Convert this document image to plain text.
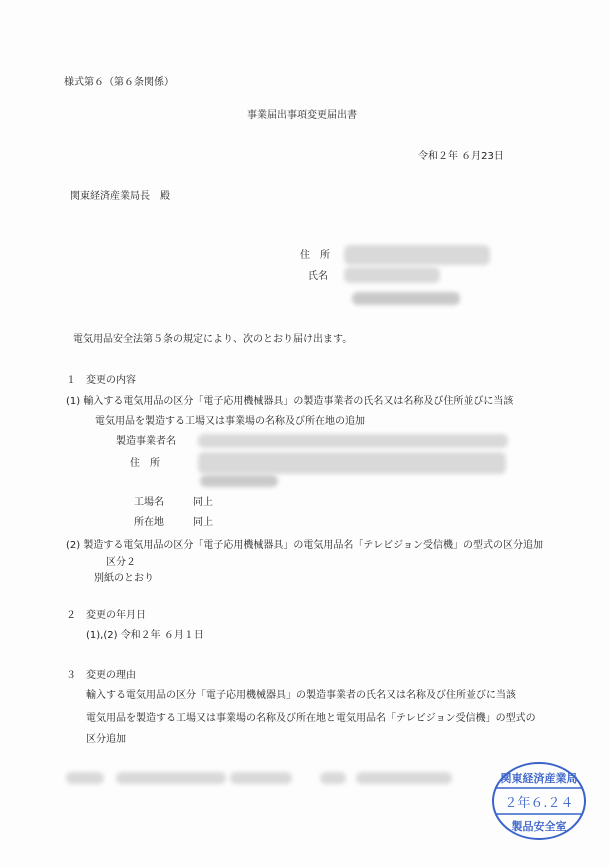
様式第６（第６条関係）
事業届出事項変更届出書
令和２年 ６月23日
関東経済産業局長　殿
住　所
氏名
電気用品安全法第５条の規定により、次のとおり届け出ます。
１　変更の内容
(1) 輸入する電気用品の区分「電子応用機械器具」の製造事業者の氏名又は名称及び住所並びに当該
電気用品を製造する工場又は事業場の名称及び所在地の追加
製造事業者名
住　所
工場名	同上
所在地	同上
(2) 製造する電気用品の区分「電子応用機械器具」の電気用品名「テレビジョン受信機」の型式の区分追加
区分２
別紙のとおり
２　変更の年月日
(1),(2) 令和２年 ６月１日
３　変更の理由
輸入する電気用品の区分「電子応用機械器具」の製造事業者の氏名又は名称及び住所並びに当該
電気用品を製造する工場又は事業場の名称及び所在地と電気用品名「テレビジョン受信機」の型式の
区分追加
関東経済産業局
２年６.２４
製品安全室
